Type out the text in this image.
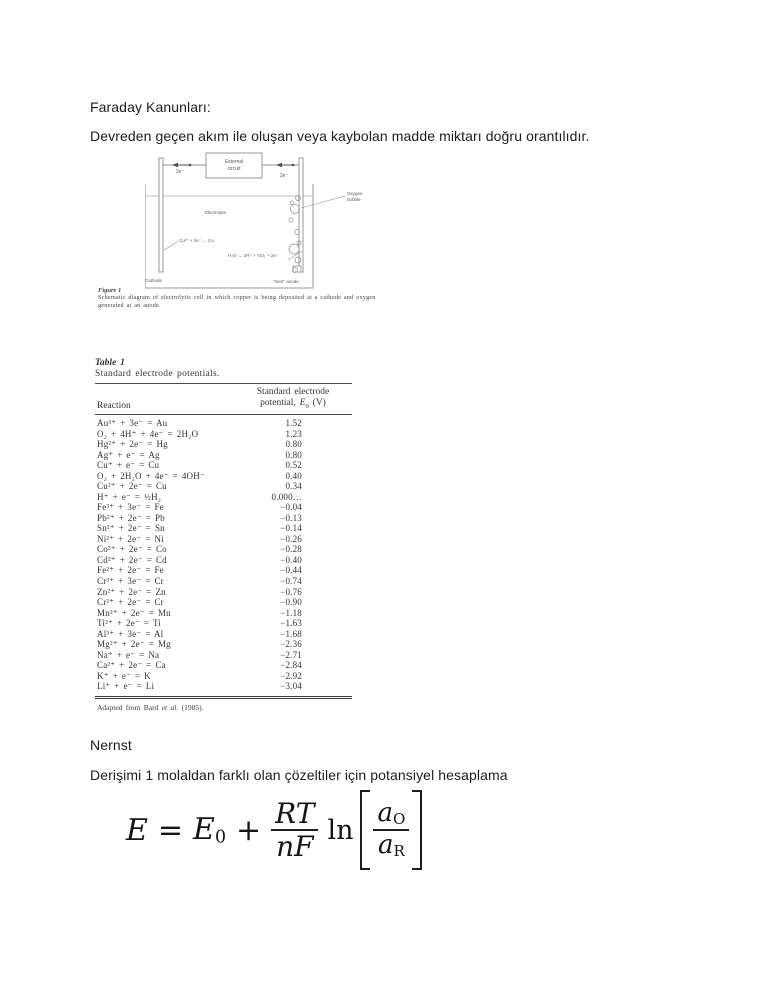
Faraday Kanunları:

Devreden geçen akım ile oluşan veya kaybolan madde miktarı doğru orantılıdır.

External
circuit
2e⁻
2e⁻
Oxygen
bubble
Electrolyte
Cu²⁺ + 2e⁻ → Cu
H₂O → 2H⁺ + ½O₂ + 2e⁻
Cathode	“Inert” anode
Figure 1
Schematic diagram of electrolytic cell in which copper is being deposited at a cathode and oxygen generated at an anode.
Table 1
Standard electrode potentials.
Reaction
Standard electrode
potential, $E_0$ (V)
Au³⁺ + 3e⁻ = Au	1.52
O₂ + 4H⁺ + 4e⁻ = 2H₂O	1.23
Hg²⁺ + 2e⁻ = Hg	0.80
Ag⁺ + e⁻ = Ag	0.80
Cu⁺ + e⁻ = Cu	0.52
O₂ + 2H₂O + 4e⁻ = 4OH⁻	0.40
Cu²⁺ + 2e⁻ = Cu	0.34
H⁺ + e⁻ = ½H₂	0.000…
Fe³⁺ + 3e⁻ = Fe	−0.04
Pb²⁺ + 2e⁻ = Pb	−0.13
Sn²⁺ + 2e⁻ = Sn	−0.14
Ni²⁺ + 2e⁻ = Ni	−0.26
Co²⁺ + 2e⁻ = Co	−0.28
Cd²⁺ + 2e⁻ = Cd	−0.40
Fe²⁺ + 2e⁻ = Fe	−0.44
Cr³⁺ + 3e⁻ = Cr	−0.74
Zn²⁺ + 2e⁻ = Zn	−0.76
Cr²⁺ + 2e⁻ = Cr	−0.90
Mn²⁺ + 2e⁻ = Mn	−1.18
Ti²⁺ + 2e⁻ = Ti	−1.63
Al³⁺ + 3e⁻ = Al	−1.68
Mg²⁺ + 2e⁻ = Mg	−2.36
Na⁺ + e⁻ = Na	−2.71
Ca²⁺ + 2e⁻ = Ca	−2.84
K⁺ + e⁻ = K	−2.92
Li⁺ + e⁻ = Li	−3.04
Adapted from Bard et al. (1985).

Nernst

Derişimi 1 molaldan farklı olan çözeltiler için potansiyel hesaplama

$E = E_0 + \frac{RT}{nF}$ $\ln \frac{a_O}{a_R}$
